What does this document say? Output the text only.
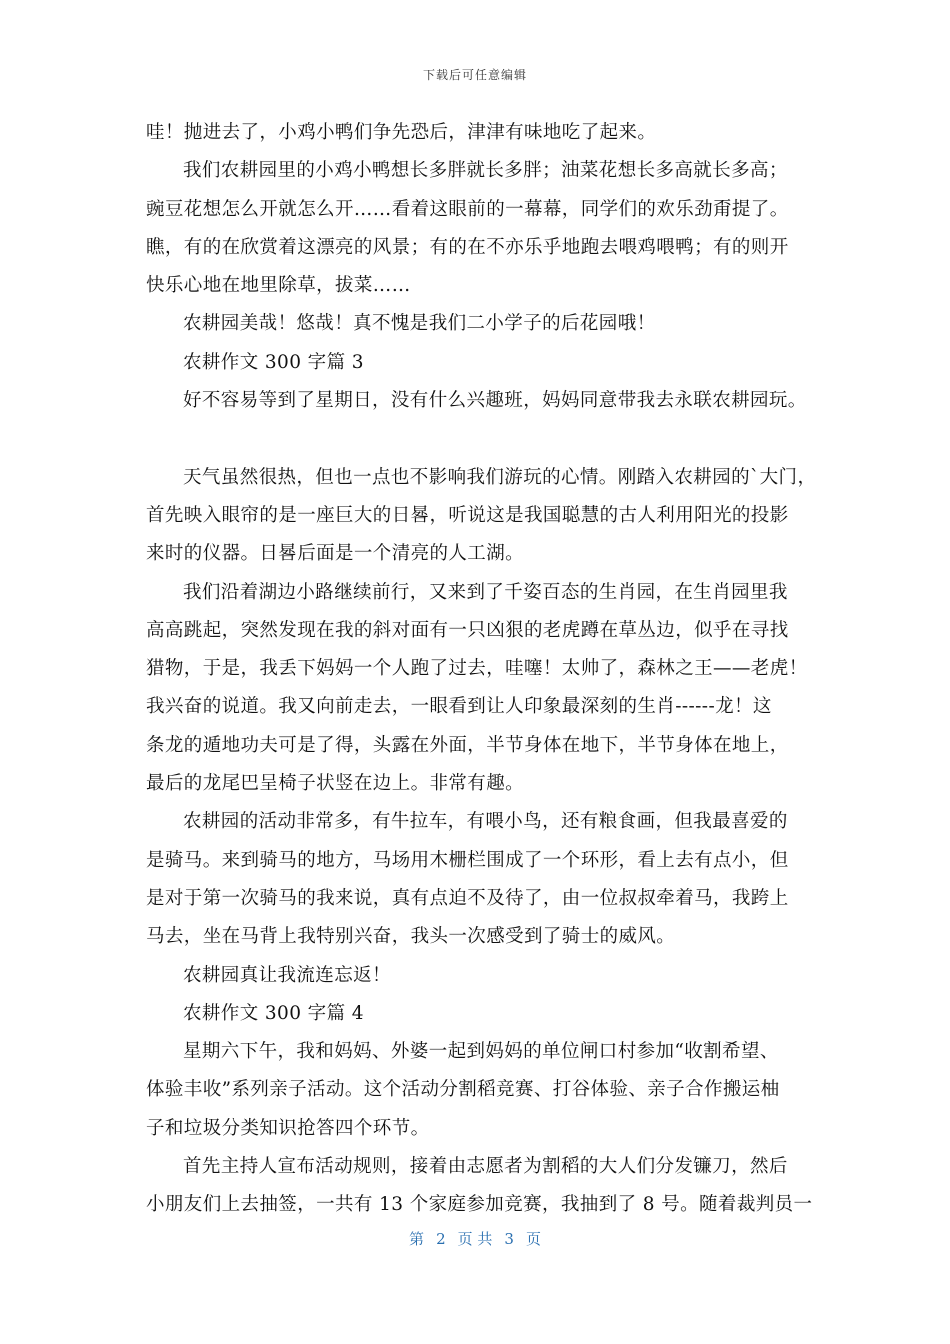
下载后可任意编辑
哇！抛进去了，小鸡小鸭们争先恐后，津津有味地吃了起来。
我们农耕园里的小鸡小鸭想长多胖就长多胖；油菜花想长多高就长多高；
豌豆花想怎么开就怎么开……看着这眼前的一幕幕，同学们的欢乐劲甭提了。
瞧，有的在欣赏着这漂亮的风景；有的在不亦乐乎地跑去喂鸡喂鸭；有的则开
快乐心地在地里除草，拔菜……
农耕园美哉！悠哉！真不愧是我们二小学子的后花园哦！
农耕作文 300 字篇 3
好不容易等到了星期日，没有什么兴趣班，妈妈同意带我去永联农耕园玩。
天气虽然很热，但也一点也不影响我们游玩的心情。刚踏入农耕园的`大门，
首先映入眼帘的是一座巨大的日晷，听说这是我国聪慧的古人利用阳光的投影
来时的仪器。日晷后面是一个清亮的人工湖。
我们沿着湖边小路继续前行，又来到了千姿百态的生肖园，在生肖园里我
高高跳起，突然发现在我的斜对面有一只凶狠的老虎蹲在草丛边，似乎在寻找
猎物，于是，我丢下妈妈一个人跑了过去，哇噻！太帅了，森林之王——老虎！
我兴奋的说道。我又向前走去，一眼看到让人印象最深刻的生肖------龙！这
条龙的遁地功夫可是了得，头露在外面，半节身体在地下，半节身体在地上，
最后的龙尾巴呈椅子状竖在边上。非常有趣。
农耕园的活动非常多，有牛拉车，有喂小鸟，还有粮食画，但我最喜爱的
是骑马。来到骑马的地方，马场用木栅栏围成了一个环形，看上去有点小，但
是对于第一次骑马的我来说，真有点迫不及待了，由一位叔叔牵着马，我跨上
马去，坐在马背上我特别兴奋，我头一次感受到了骑士的威风。
农耕园真让我流连忘返！
农耕作文 300 字篇 4
星期六下午，我和妈妈、外婆一起到妈妈的单位闸口村参加“收割希望、
体验丰收”系列亲子活动。这个活动分割稻竞赛、打谷体验、亲子合作搬运柚
子和垃圾分类知识抢答四个环节。
首先主持人宣布活动规则，接着由志愿者为割稻的大人们分发镰刀，然后
小朋友们上去抽签，一共有 13 个家庭参加竞赛，我抽到了 8 号。随着裁判员一
第 2 页 共 3 页
